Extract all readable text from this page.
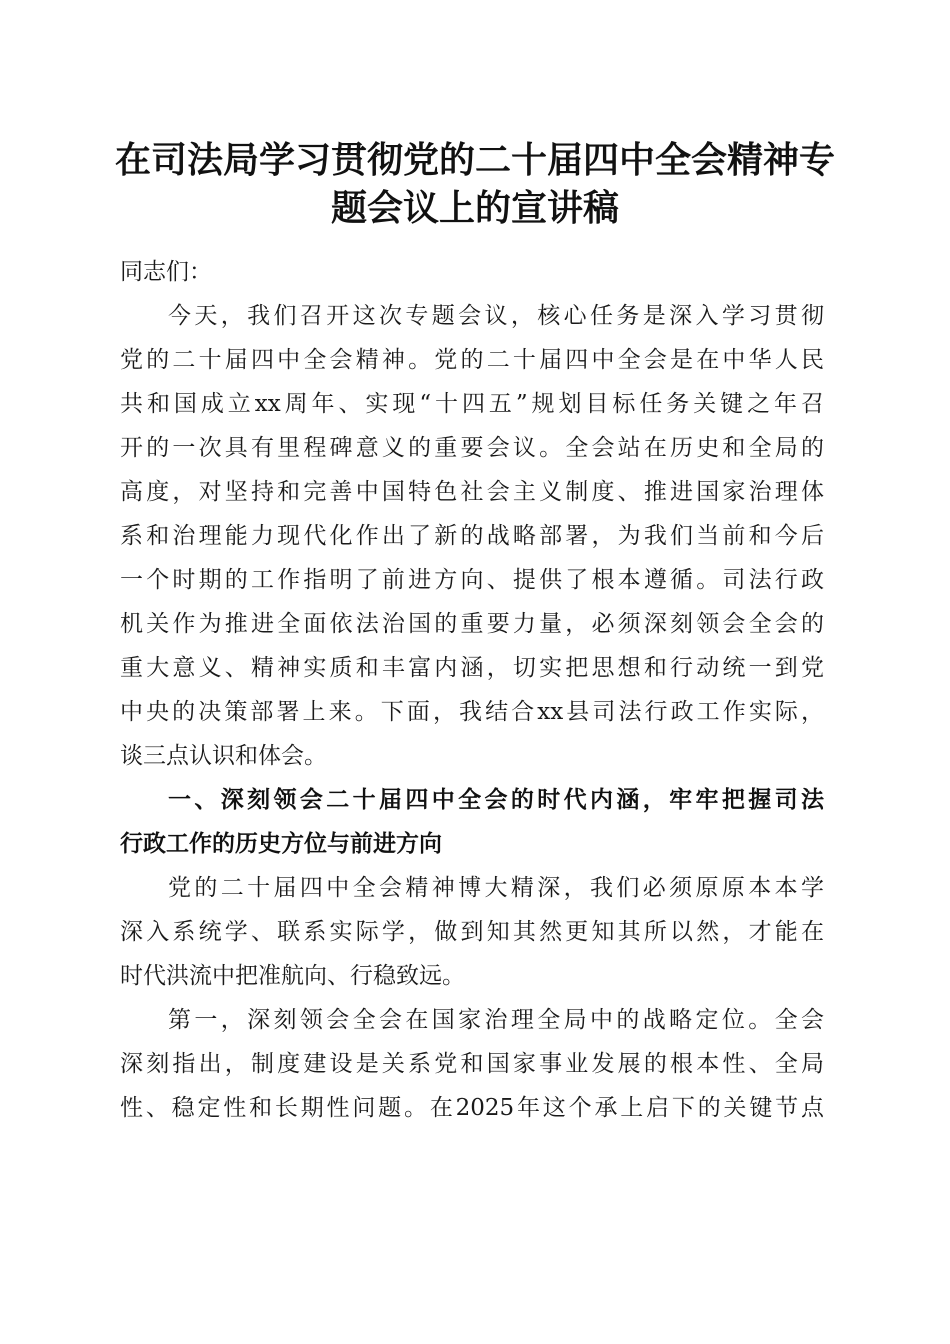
在司法局学习贯彻党的二十届四中全会精神专
题会议上的宣讲稿
同志们：
今天，我们召开这次专题会议，核心任务是深入学习贯彻
党的二十届四中全会精神。党的二十届四中全会是在中华人民
共和国成立xx周年、实现“十四五”规划目标任务关键之年召
开的一次具有里程碑意义的重要会议。全会站在历史和全局的
高度，对坚持和完善中国特色社会主义制度、推进国家治理体
系和治理能力现代化作出了新的战略部署，为我们当前和今后
一个时期的工作指明了前进方向、提供了根本遵循。司法行政
机关作为推进全面依法治国的重要力量，必须深刻领会全会的
重大意义、精神实质和丰富内涵，切实把思想和行动统一到党
中央的决策部署上来。下面，我结合xx县司法行政工作实际，
谈三点认识和体会。
一、深刻领会二十届四中全会的时代内涵，牢牢把握司法
行政工作的历史方位与前进方向
党的二十届四中全会精神博大精深，我们必须原原本本学
深入系统学、联系实际学，做到知其然更知其所以然，才能在
时代洪流中把准航向、行稳致远。
第一，深刻领会全会在国家治理全局中的战略定位。全会
深刻指出，制度建设是关系党和国家事业发展的根本性、全局
性、稳定性和长期性问题。在2025年这个承上启下的关键节点
